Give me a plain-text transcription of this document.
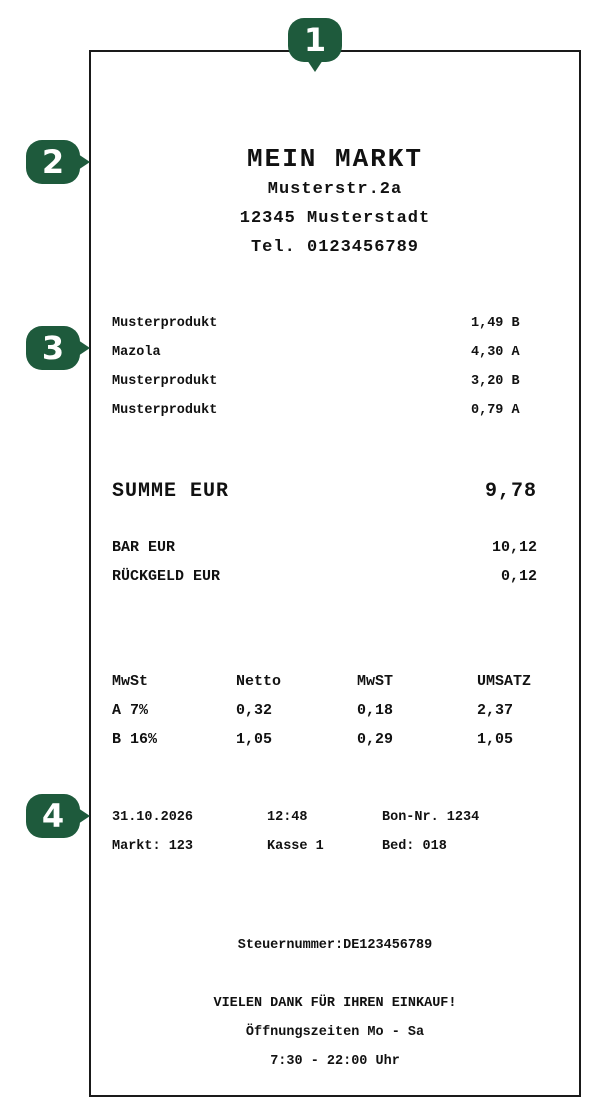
MEIN MARKT
Musterstr.2a
12345 Musterstadt
Tel. 0123456789
Musterprodukt	1,49 B
Mazola	4,30 A
Musterprodukt	3,20 B
Musterprodukt	0,79 A
SUMME EUR	9,78
BAR EUR	10,12
RÜCKGELD EUR	0,12
MwSt	Netto	MwST	UMSATZ
A 7%	0,32	0,18	2,37
B 16%	1,05	0,29	1,05
31.10.2026	12:48	Bon-Nr. 1234
Markt: 123	Kasse 1	Bed: 018
Steuernummer:DE123456789
VIELEN DANK FÜR IHREN EINKAUF!
Öffnungszeiten Mo - Sa
7:30 - 22:00 Uhr
1
2
3
4
